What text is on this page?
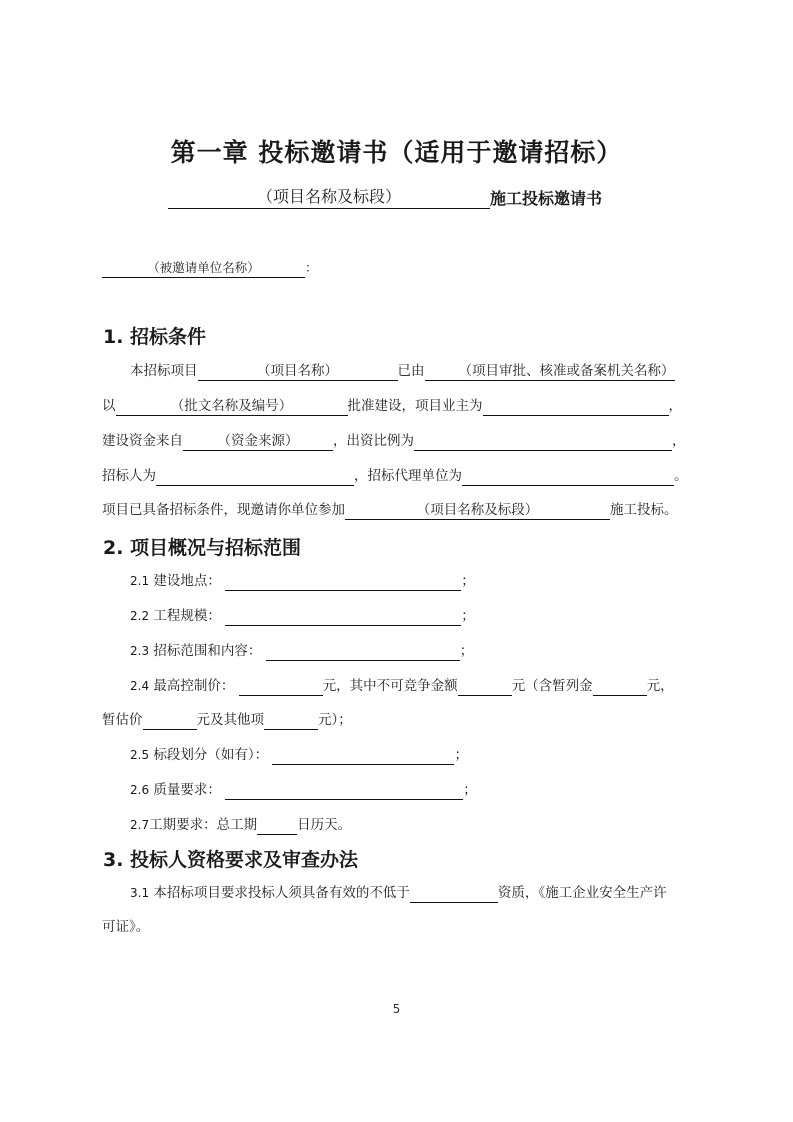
第一章 投标邀请书（适用于邀请招标）
（项目名称及标段）	施工投标邀请书
（被邀请单位名称）	：
1. 招标条件
本招标项目	（项目名称）	已由	（项目审批、核准或备案机关名称）
以	（批文名称及编号）	批准建设，项目业主为	，
建设资金来自	（资金来源）	，出资比例为	，
招标人为	，招标代理单位为	。
项目已具备招标条件，现邀请你单位参加	（项目名称及标段）	施工投标。
2. 项目概况与招标范围
2.1 建设地点：	；
2.2 工程规模：	；
2.3 招标范围和内容：	；
2.4 最高控制价：	元，其中不可竞争金额	元（含暂列金	元，
暂估价	元及其他项	元）；
2.5 标段划分（如有）：	；
2.6 质量要求：	；
2.7工期要求：总工期	日历天。
3. 投标人资格要求及审查办法
3.1 本招标项目要求投标人须具备有效的不低于	资质，《施工企业安全生产许
可证》。
5
